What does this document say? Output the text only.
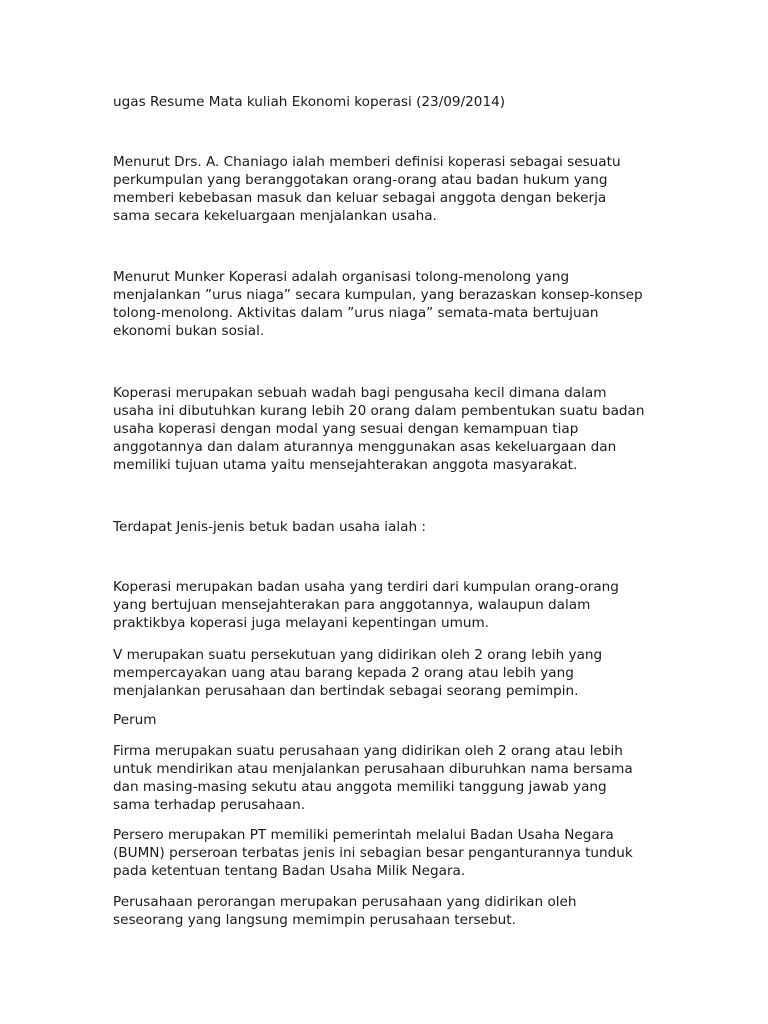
ugas Resume Mata kuliah Ekonomi koperasi (23/09/2014)

Menurut Drs. A. Chaniago ialah memberi definisi koperasi sebagai sesuatu
perkumpulan yang beranggotakan orang-orang atau badan hukum yang
memberi kebebasan masuk dan keluar sebagai anggota dengan bekerja
sama secara kekeluargaan menjalankan usaha.

Menurut Munker Koperasi adalah organisasi tolong-menolong yang
menjalankan ”urus niaga” secara kumpulan, yang berazaskan konsep-konsep
tolong-menolong. Aktivitas dalam ”urus niaga” semata-mata bertujuan
ekonomi bukan sosial.

Koperasi merupakan sebuah wadah bagi pengusaha kecil dimana dalam
usaha ini dibutuhkan kurang lebih 20 orang dalam pembentukan suatu badan
usaha koperasi dengan modal yang sesuai dengan kemampuan tiap
anggotannya dan dalam aturannya menggunakan asas kekeluargaan dan
memiliki tujuan utama yaitu mensejahterakan anggota masyarakat.

Terdapat Jenis-jenis betuk badan usaha ialah :

Koperasi merupakan badan usaha yang terdiri dari kumpulan orang-orang
yang bertujuan mensejahterakan para anggotannya, walaupun dalam
praktikbya koperasi juga melayani kepentingan umum.

V merupakan suatu persekutuan yang didirikan oleh 2 orang lebih yang
mempercayakan uang atau barang kepada 2 orang atau lebih yang
menjalankan perusahaan dan bertindak sebagai seorang pemimpin.

Perum

Firma merupakan suatu perusahaan yang didirikan oleh 2 orang atau lebih
untuk mendirikan atau menjalankan perusahaan diburuhkan nama bersama
dan masing-masing sekutu atau anggota memiliki tanggung jawab yang
sama terhadap perusahaan.

Persero merupakan PT memiliki pemerintah melalui Badan Usaha Negara
(BUMN) perseroan terbatas jenis ini sebagian besar penganturannya tunduk
pada ketentuan tentang Badan Usaha Milik Negara.

Perusahaan perorangan merupakan perusahaan yang didirikan oleh
seseorang yang langsung memimpin perusahaan tersebut.
